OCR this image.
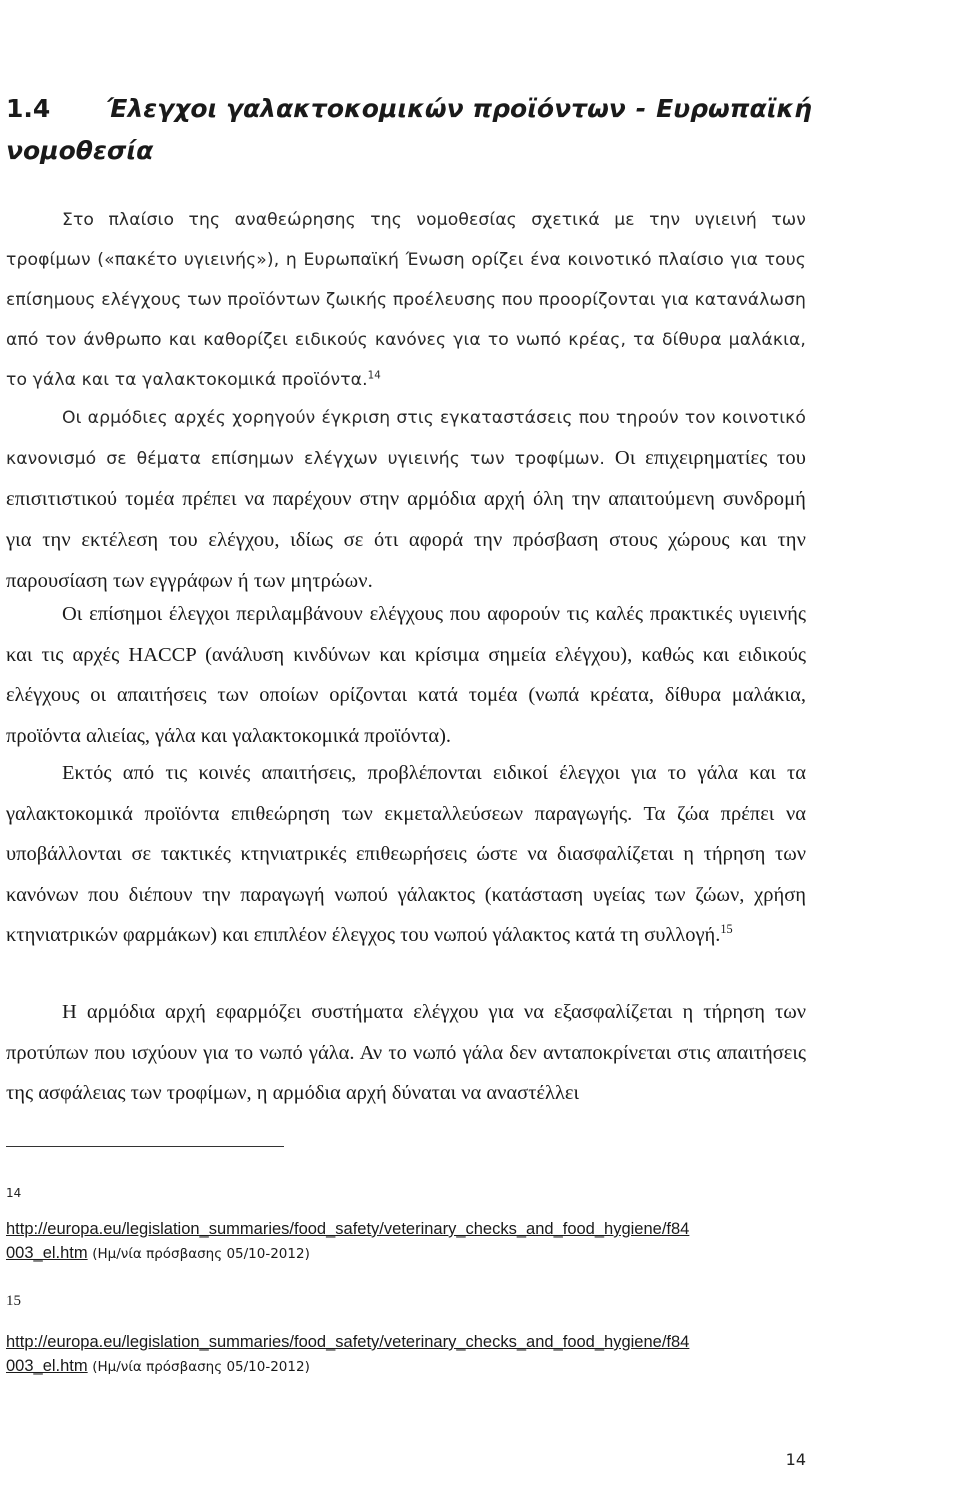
1.4 Έλεγχοι γαλακτοκομικών προϊόντων - Ευρωπαϊκή
νομοθεσία

Στο πλαίσιο της αναθεώρησης της νομοθεσίας σχετικά με την υγιεινή των τροφίμων («πακέτο υγιεινής»), η Ευρωπαϊκή Ένωση ορίζει ένα κοινοτικό πλαίσιο για τους επίσημους ελέγχους των προϊόντων ζωικής προέλευσης που προορίζονται για κατανάλωση από τον άνθρωπο και καθορίζει ειδικούς κανόνες για το νωπό κρέας, τα δίθυρα μαλάκια, το γάλα και τα γαλακτοκομικά προϊόντα.$^{14}$

Οι αρμόδιες αρχές χορηγούν έγκριση στις εγκαταστάσεις που τηρούν τον κοινοτικό κανονισμό σε θέματα επίσημων ελέγχων υγιεινής των τροφίμων. Οι επιχειρηματίες του επισιτιστικού τομέα πρέπει να παρέχουν στην αρμόδια αρχή όλη την απαιτούμενη συνδρομή για την εκτέλεση του ελέγχου, ιδίως σε ότι αφορά την πρόσβαση στους χώρους και την παρουσίαση των εγγράφων ή των μητρώων.

Οι επίσημοι έλεγχοι περιλαμβάνουν ελέγχους που αφορούν τις καλές πρακτικές υγιεινής και τις αρχές HACCP (ανάλυση κινδύνων και κρίσιμα σημεία ελέγχου), καθώς και ειδικούς ελέγχους οι απαιτήσεις των οποίων ορίζονται κατά τομέα (νωπά κρέατα, δίθυρα μαλάκια, προϊόντα αλιείας, γάλα και γαλακτοκομικά προϊόντα).

Εκτός από τις κοινές απαιτήσεις, προβλέπονται ειδικοί έλεγχοι για το γάλα και τα γαλακτοκομικά προϊόντα επιθεώρηση των εκμεταλλεύσεων παραγωγής. Τα ζώα πρέπει να υποβάλλονται σε τακτικές κτηνιατρικές επιθεωρήσεις ώστε να διασφαλίζεται η τήρηση των κανόνων που διέπουν την παραγωγή νωπού γάλακτος (κατάσταση υγείας των ζώων, χρήση κτηνιατρικών φαρμάκων) και επιπλέον έλεγχος του νωπού γάλακτος κατά τη συλλογή.$^{15}$

Η αρμόδια αρχή εφαρμόζει συστήματα ελέγχου για να εξασφαλίζεται η τήρηση των προτύπων που ισχύουν για το νωπό γάλα. Αν το νωπό γάλα δεν ανταποκρίνεται στις απαιτήσεις της ασφάλειας των τροφίμων, η αρμόδια αρχή δύναται να αναστέλλει

14
http://europa.eu/legislation_summaries/food_safety/veterinary_checks_and_food_hygiene/f84
003_el.htm (Ημ/νία πρόσβασης 05/10-2012)
15
http://europa.eu/legislation_summaries/food_safety/veterinary_checks_and_food_hygiene/f84
003_el.htm (Ημ/νία πρόσβασης 05/10-2012)
14
